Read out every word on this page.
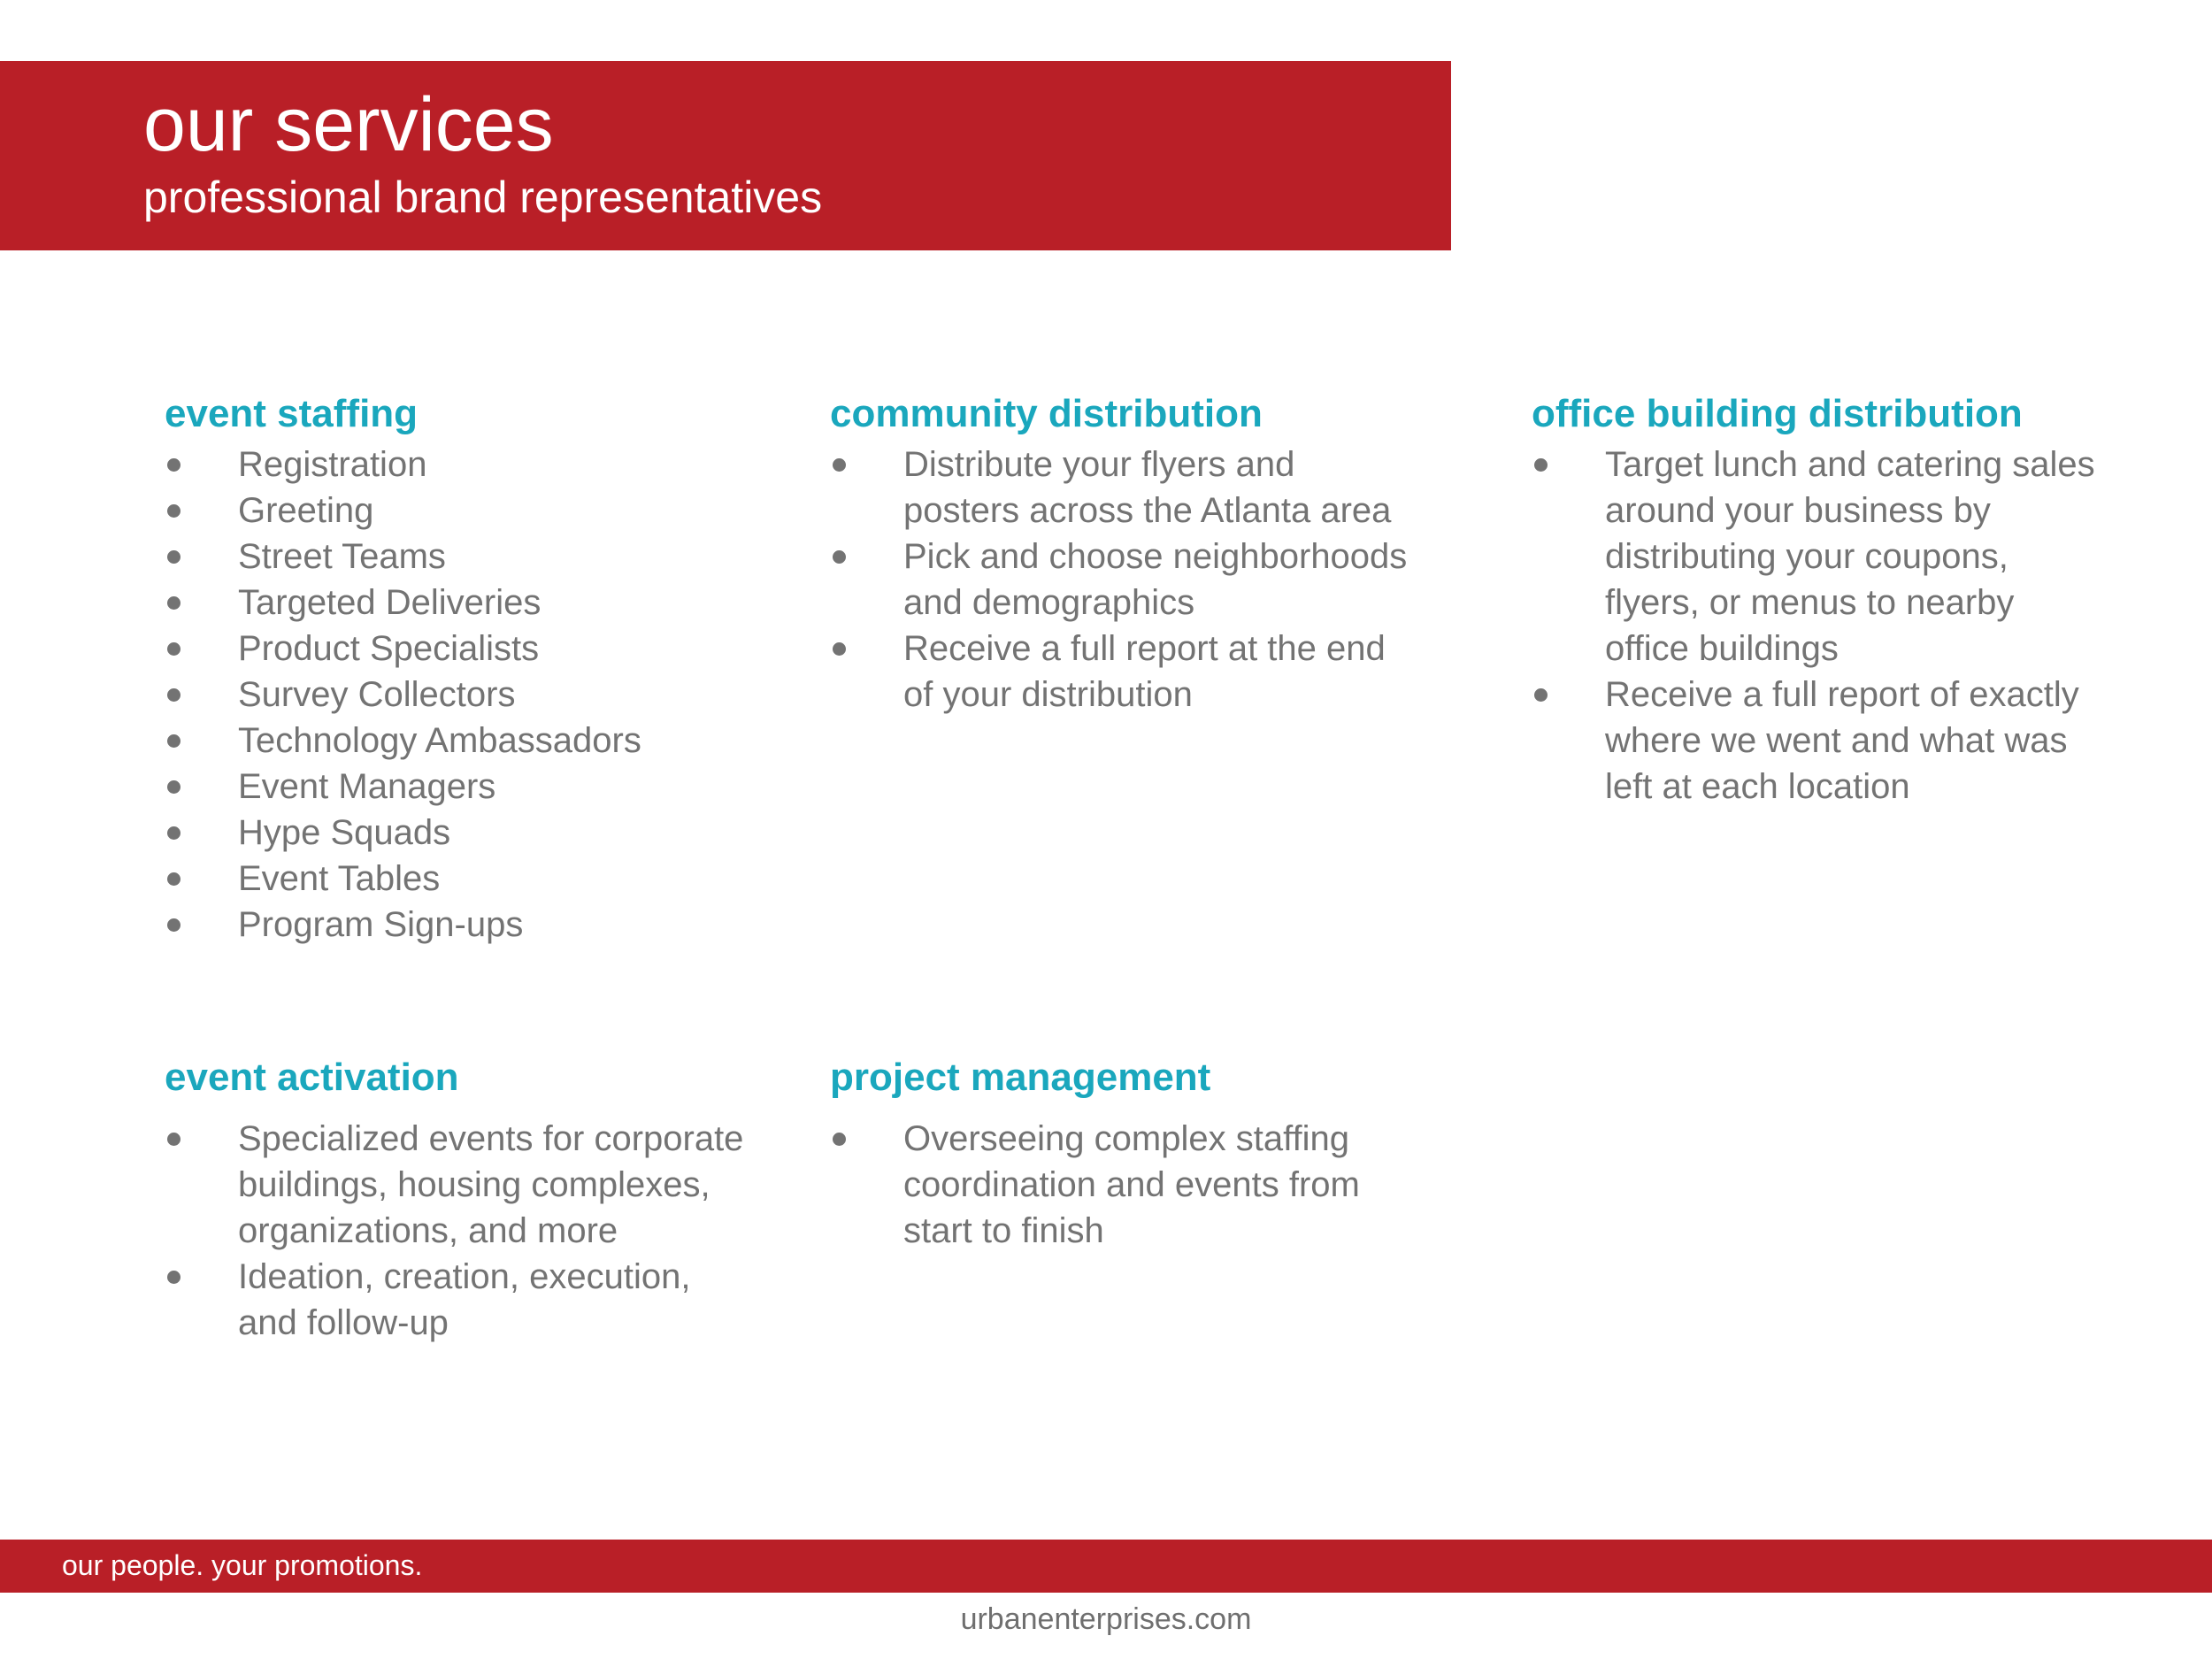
our services
professional brand representatives
event staffing
Registration
Greeting
Street Teams
Targeted Deliveries
Product Specialists
Survey Collectors
Technology Ambassadors
Event Managers
Hype Squads
Event Tables
Program Sign-ups
community distribution
Distribute your flyers and posters across the Atlanta area
Pick and choose neighborhoods and demographics
Receive a full report at the end of your distribution
office building distribution
Target lunch and catering sales around your business by distributing your coupons, flyers, or menus to nearby office buildings
Receive a full report of exactly where we went and what was left at each location
event activation
Specialized events for corporate buildings, housing complexes, organizations, and more
Ideation, creation, execution, and follow-up
project management
Overseeing complex staffing coordination and events from start to finish
our people. your promotions.
urbanenterprises.com
